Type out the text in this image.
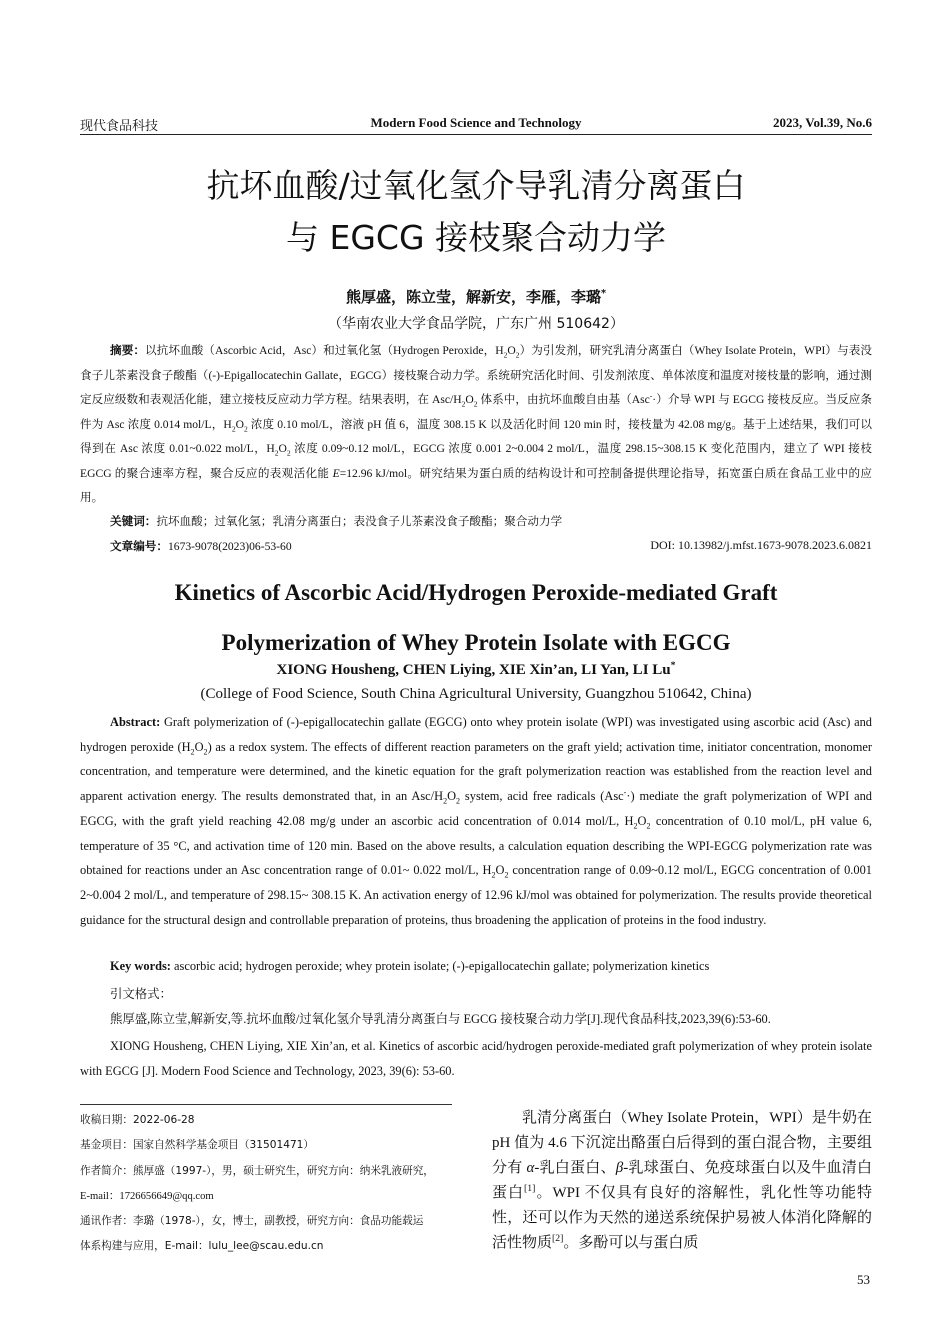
现代食品科技	Modern Food Science and Technology	2023, Vol.39, No.6
抗坏血酸/过氧化氢介导乳清分离蛋白
与 EGCG 接枝聚合动力学
熊厚盛，陈立莹，解新安，李雁，李璐*
（华南农业大学食品学院，广东广州 510642）
摘要：以抗坏血酸（Ascorbic Acid，Asc）和过氧化氢（Hydrogen Peroxide，$H_2O_2$）为引发剂，研究乳清分离蛋白（Whey Isolate Protein，WPI）与表没食子儿茶素没食子酸酯（(-)-Epigallocatechin Gallate，EGCG）接枝聚合动力学。系统研究活化时间、引发剂浓度、单体浓度和温度对接枝量的影响，通过测定反应级数和表观活化能，建立接枝反应动力学方程。结果表明，在 Asc/$H_2O_2$ 体系中，由抗坏血酸自由基（Asc-·）介导 WPI 与 EGCG 接枝反应。当反应条件为 Asc 浓度 0.014 mol/L，$H_2O_2$ 浓度 0.10 mol/L，溶液 pH 值 6，温度 308.15 K 以及活化时间 120 min 时，接枝量为 42.08 mg/g。基于上述结果，我们可以得到在 Asc 浓度 0.01~0.022 mol/L，$H_2O_2$ 浓度 0.09~0.12 mol/L，EGCG 浓度 0.001 2~0.004 2 mol/L，温度 298.15~308.15 K 变化范围内，建立了 WPI 接枝 EGCG 的聚合速率方程，聚合反应的表观活化能 E=12.96 kJ/mol。研究结果为蛋白质的结构设计和可控制备提供理论指导，拓宽蛋白质在食品工业中的应用。
关键词：抗坏血酸；过氧化氢；乳清分离蛋白；表没食子儿茶素没食子酸酯；聚合动力学
文章编号：1673-9078(2023)06-53-60	DOI: 10.13982/j.mfst.1673-9078.2023.6.0821
Kinetics of Ascorbic Acid/Hydrogen Peroxide-mediated Graft
Polymerization of Whey Protein Isolate with EGCG
XIONG Housheng, CHEN Liying, XIE Xin’an, LI Yan, LI Lu*
(College of Food Science, South China Agricultural University, Guangzhou 510642, China)
Abstract: Graft polymerization of (-)-epigallocatechin gallate (EGCG) onto whey protein isolate (WPI) was investigated using ascorbic acid (Asc) and hydrogen peroxide $(H_2O_2)$ as a redox system. The effects of different reaction parameters on the graft yield; activation time, initiator concentration, monomer concentration, and temperature were determined, and the kinetic equation for the graft polymerization reaction was established from the reaction level and apparent activation energy. The results demonstrated that, in an Asc/$H_2O_2$ system, acid free radicals (Asc-·) mediate the graft polymerization of WPI and EGCG, with the graft yield reaching 42.08 mg/g under an ascorbic acid concentration of 0.014 mol/L, $H_2O_2$ concentration of 0.10 mol/L, pH value 6, temperature of 35 °C, and activation time of 120 min. Based on the above results, a calculation equation describing the WPI-EGCG polymerization rate was obtained for reactions under an Asc concentration range of 0.01~ 0.022 mol/L, $H_2O_2$ concentration range of 0.09~0.12 mol/L, EGCG concentration of 0.001 2~0.004 2 mol/L, and temperature of 298.15~ 308.15 K. An activation energy of 12.96 kJ/mol was obtained for polymerization. The results provide theoretical guidance for the structural design and controllable preparation of proteins, thus broadening the application of proteins in the food industry.
Key words: ascorbic acid; hydrogen peroxide; whey protein isolate; (-)-epigallocatechin gallate; polymerization kinetics
引文格式：
熊厚盛,陈立莹,解新安,等.抗坏血酸/过氧化氢介导乳清分离蛋白与 EGCG 接枝聚合动力学[J].现代食品科技,2023,39(6):53-60.
XIONG Housheng, CHEN Liying, XIE Xin’an, et al. Kinetics of ascorbic acid/hydrogen peroxide-mediated graft polymerization of whey protein isolate with EGCG [J]. Modern Food Science and Technology, 2023, 39(6): 53-60.
收稿日期：2022-06-28
基金项目：国家自然科学基金项目（31501471）
作者简介：熊厚盛（1997-），男，硕士研究生，研究方向：纳米乳液研究，
E-mail：1726656649@qq.com
通讯作者：李璐（1978-），女，博士，副教授，研究方向：食品功能载运
体系构建与应用，E-mail：lulu_lee@scau.edu.cn
乳清分离蛋白（Whey Isolate Protein，WPI）是牛奶在 pH 值为 4.6 下沉淀出酪蛋白后得到的蛋白混合物，主要组分有 α-乳白蛋白、β-乳球蛋白、免疫球蛋白以及牛血清白蛋白[1]。WPI 不仅具有良好的溶解性，乳化性等功能特性，还可以作为天然的递送系统保护易被人体消化降解的活性物质[2]。多酚可以与蛋白质
53
